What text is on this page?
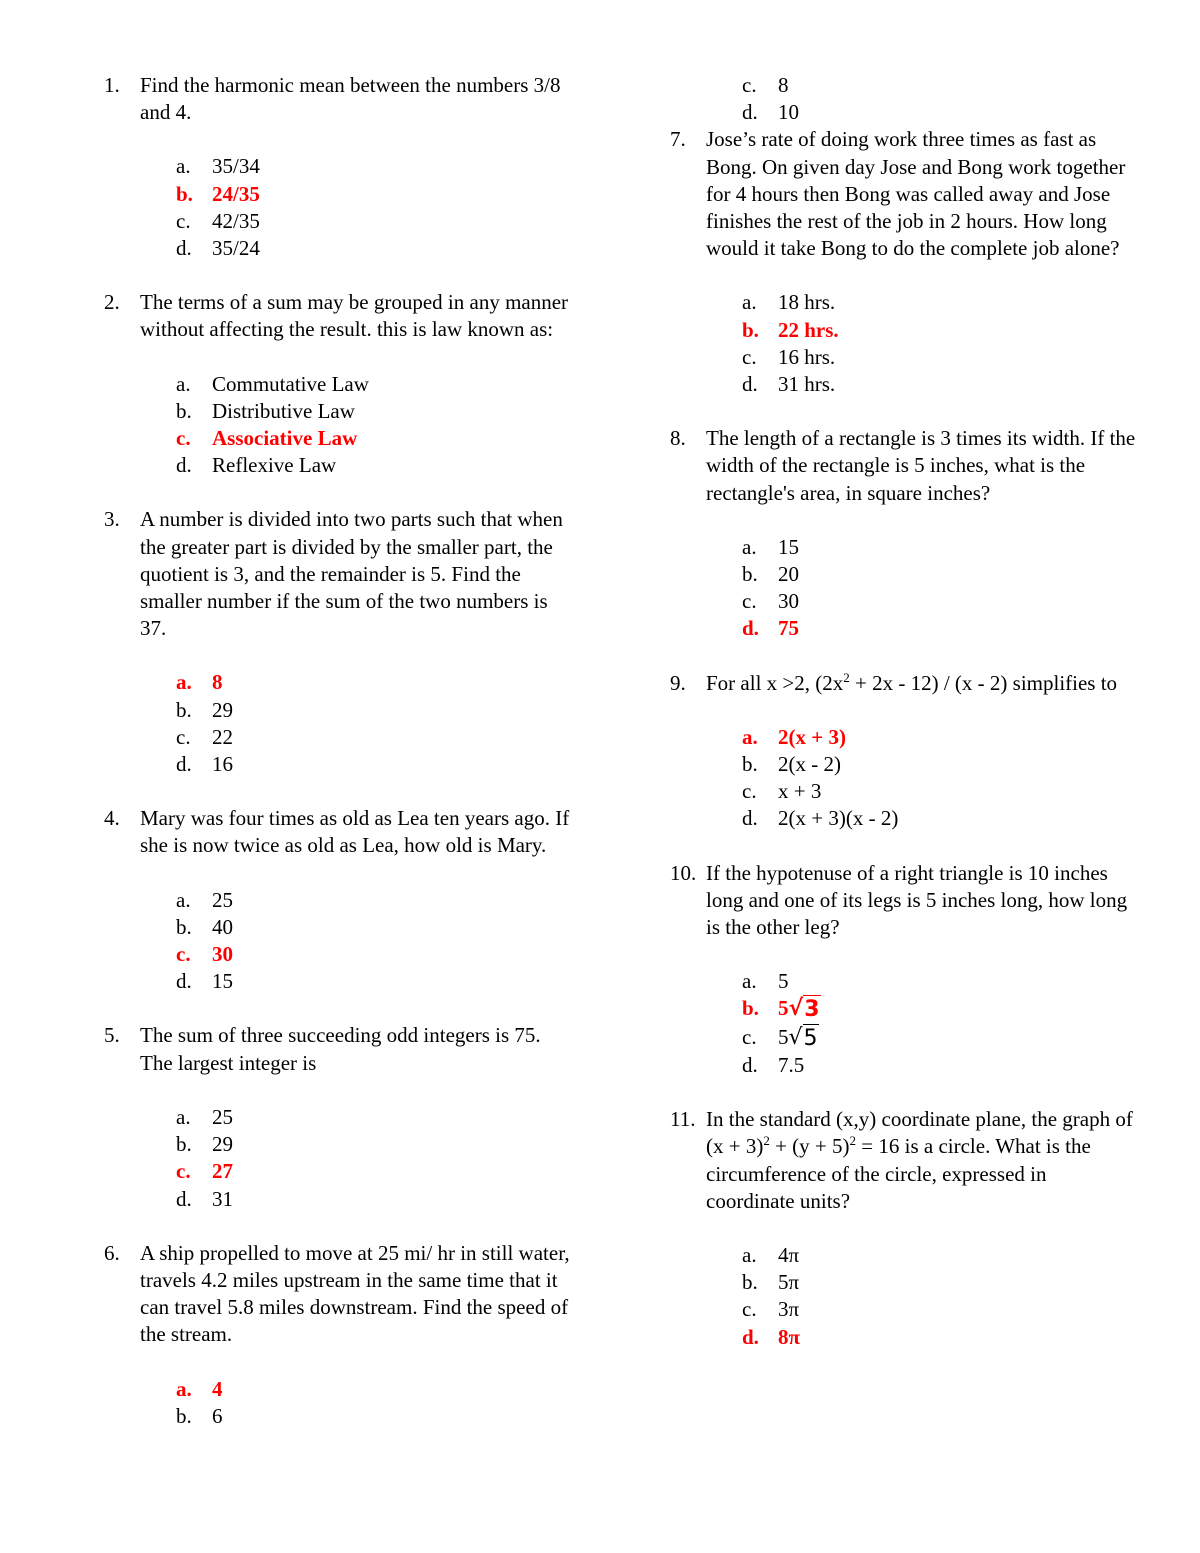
1. Find the harmonic mean between the numbers 3/8 and 4.
a.	35/34
b. 24/35
c.	42/35
d. 35/24
2. The terms of a sum may be grouped in any manner without affecting the result. this is law known as:
a.	Commutative Law
b. Distributive Law
c.	Associative Law
d. Reflexive Law
3. A number is divided into two parts such that when the greater part is divided by the smaller part, the quotient is 3, and the remainder is 5. Find the smaller number if the sum of the two numbers is 37.
a. 8
b. 29
c.	22
d. 16
4. Mary was four times as old as Lea ten years ago. If she is now twice as old as Lea, how old is Mary.
a.	25
b. 40
c.	30
d. 15
5. The sum of three succeeding odd integers is 75. The largest integer is
a.	25
b. 29
c.	27
d. 31
6. A ship propelled to move at 25 mi/ hr in still water, travels 4.2 miles upstream in the same time that it can travel 5.8 miles downstream. Find the speed of the stream.
a. 4
b. 6
c.	8
d. 10
7. Jose’s rate of doing work three times as fast as Bong. On given day Jose and Bong work together for 4 hours then Bong was called away and Jose finishes the rest of the job in 2 hours. How long would it take Bong to do the complete job alone?
a.	18 hrs.
b. 22 hrs.
c.	16 hrs.
d. 31 hrs.
8. The length of a rectangle is 3 times its width. If the width of the rectangle is 5 inches, what is the rectangle's area, in square inches?
a.	15
b. 20
c.	30
d. 75
9. For all x >2, $(2x^2 + 2x - 12) / (x - 2)$ simplifies to
a. 2(x + 3)
b. 2(x - 2)
c.	x + 3
d. 2(x + 3)(x - 2)
10. If the hypotenuse of a right triangle is 10 inches long and one of its legs is 5 inches long, how long is the other leg?
a.	5
b. 5 √ 3
c.	5 √ 5
d. 7.5
11. In the standard (x,y) coordinate plane, the graph of $(x + 3)^2 + (y + 5)^2 = 16$ is a circle. What is the circumference of the circle, expressed in coordinate units?
a.	4π
b. 5π
c.	3π
d. 8π
